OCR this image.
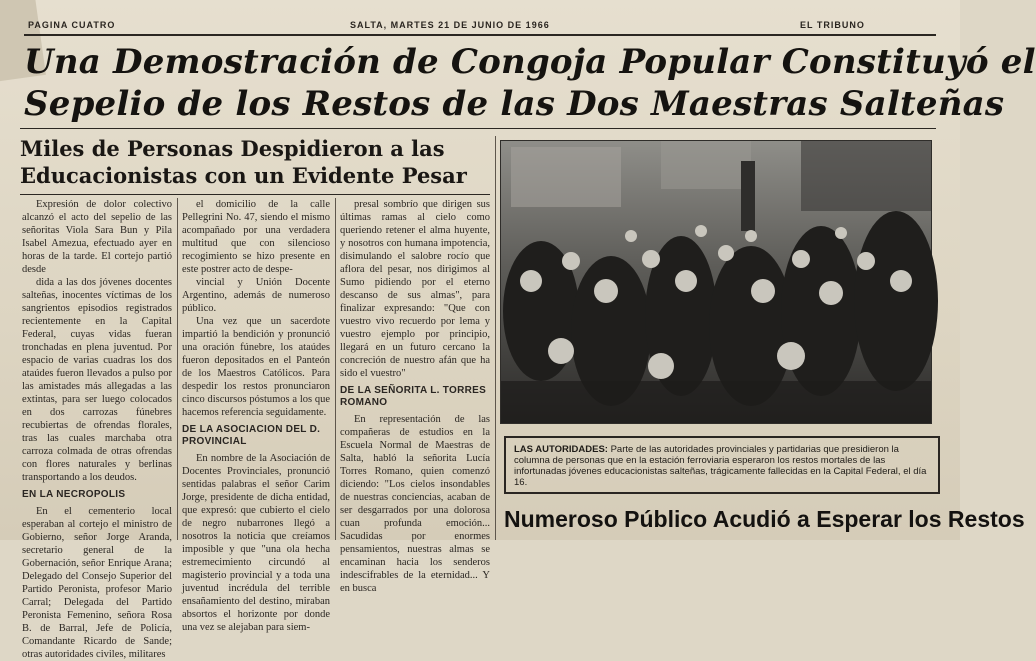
PAGINA CUATRO	SALTA, MARTES 21 DE JUNIO DE 1966	EL TRIBUNO
Una Demostración de Congoja Popular Constituyó el
Sepelio de los Restos de las Dos Maestras Salteñas
Miles de Personas Despidieron a las
Educacionistas con un Evidente Pesar

Expresión de dolor colectivo alcanzó el acto del sepelio de las señoritas Viola Sara Bun y Pila Isabel Amezua, efectuado ayer en horas de la tarde. El cortejo partió desde

dida a las dos jóvenes docentes salteñas, inocentes víctimas de los sangrientos episodios registrados recientemente en la Capital Federal, cuyas vidas fueran tronchadas en plena juventud. Por espacio de varias cuadras los dos ataúdes fueron llevados a pulso por las amistades más allegadas a las extintas, para ser luego colocados en dos carrozas fúnebres recubiertas de ofrendas florales, tras las cuales marchaba otra carroza colmada de otras ofrendas con flores naturales y berlinas transportando a los deudos.

EN LA NECROPOLIS

En el cementerio local esperaban al cortejo el ministro de Gobierno, señor Jorge Aranda, secretario general de la Gobernación, señor Enrique Arana; Delegado del Consejo Superior del Partido Peronista, profesor Mario Carral; Delegada del Partido Peronista Femenino, señora Rosa B. de Barral, Jefe de Policía, Comandante Ricardo de Sande; otras autoridades civiles, militares

el domicilio de la calle Pellegrini No. 47, siendo el mismo acompañado por una verdadera multitud que con silencioso recogimiento se hizo presente en este postrer acto de despe-

vincial y Unión Docente Argentino, además de numeroso público.

Una vez que un sacerdote impartió la bendición y pronunció una oración fúnebre, los ataúdes fueron depositados en el Panteón de los Maestros Católicos. Para despedir los restos pronunciaron cinco discursos póstumos a los que hacemos referencia seguidamente.

DE LA ASOCIACION DEL D. PROVINCIAL

En nombre de la Asociación de Docentes Provinciales, pronunció sentidas palabras el señor Carim Jorge, presidente de dicha entidad, que expresó: que cubierto el cielo de negro nubarrones llegó a nosotros la noticia que creíamos imposible y que "una ola hecha estremecimiento circundó al magisterio provincial y a toda una juventud incrédula del terrible ensañamiento del destino, miraban absortos el horizonte por donde una vez se alejaban para siem-

presal sombrío que dirigen sus últimas ramas al cielo como queriendo retener el alma huyente, y nosotros con humana impotencia, disimulando el salobre rocío que aflora del pesar, nos dirigimos al Sumo pidiendo por el eterno descanso de sus almas", para finalizar expresando: "Que con vuestro vivo recuerdo por lema y vuestro ejemplo por principio, llegará en un futuro cercano la concreción de nuestro afán que ha sido el vuestro"

DE LA SEÑORITA L. TORRES ROMANO

En representación de las compañeras de estudios en la Escuela Normal de Maestras de Salta, habló la señorita Lucía Torres Romano, quien comenzó diciendo: "Los cielos insondables de nuestras conciencias, acaban de ser desgarrados por una dolorosa cuan profunda emoción... Sacudidas por enormes pensamientos, nuestras almas se encaminan hacia los senderos indescifrables de la eternidad... Y en busca

LAS AUTORIDADES: Parte de las autoridades provinciales y partidarias que presidieron la columna de personas que en la estación ferroviaria esperaron los restos mortales de las infortunadas jóvenes educacionistas salteñas, trágicamente fallecidas en la Capital Federal, el día 16.
Numeroso Público Acudió a Esperar los Restos
